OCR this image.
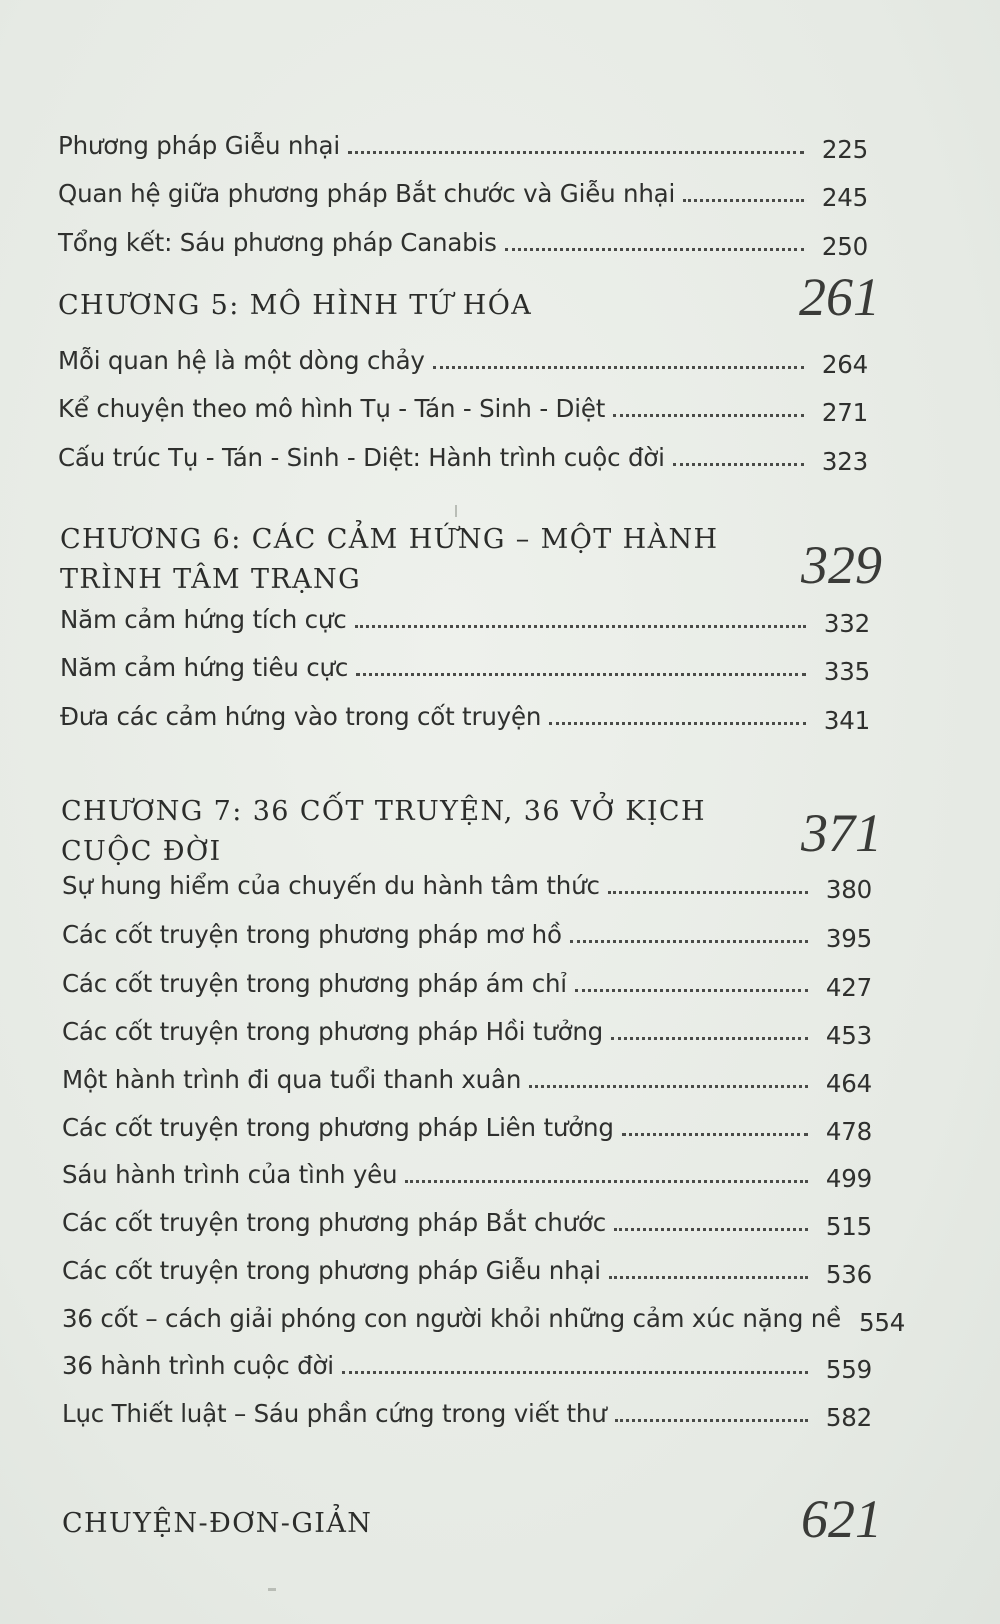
Phương pháp Giễu nhại	225
Quan hệ giữa phương pháp Bắt chước và Giễu nhại	245
Tổng kết: Sáu phương pháp Canabis	250
CHƯƠNG 5: MÔ HÌNH TỨ HÓA	261
Mỗi quan hệ là một dòng chảy	264
Kể chuyện theo mô hình Tụ - Tán - Sinh - Diệt	271
Cấu trúc Tụ - Tán - Sinh - Diệt: Hành trình cuộc đời	323
CHƯƠNG 6: CÁC CẢM HỨNG – MỘT HÀNH
TRÌNH TÂM TRẠNG	329
Năm cảm hứng tích cực	332
Năm cảm hứng tiêu cực	335
Đưa các cảm hứng vào trong cốt truyện	341
CHƯƠNG 7: 36 CỐT TRUYỆN, 36 VỞ KỊCH
CUỘC ĐỜI	371
Sự hung hiểm của chuyến du hành tâm thức	380
Các cốt truyện trong phương pháp mơ hồ	395
Các cốt truyện trong phương pháp ám chỉ	427
Các cốt truyện trong phương pháp Hồi tưởng	453
Một hành trình đi qua tuổi thanh xuân	464
Các cốt truyện trong phương pháp Liên tưởng	478
Sáu hành trình của tình yêu	499
Các cốt truyện trong phương pháp Bắt chước	515
Các cốt truyện trong phương pháp Giễu nhại	536
36 cốt – cách giải phóng con người khỏi những cảm xúc nặng nề 554
36 hành trình cuộc đời	559
Lục Thiết luật – Sáu phần cứng trong viết thư	582
CHUYỆN-ĐƠN-GIẢN	621
